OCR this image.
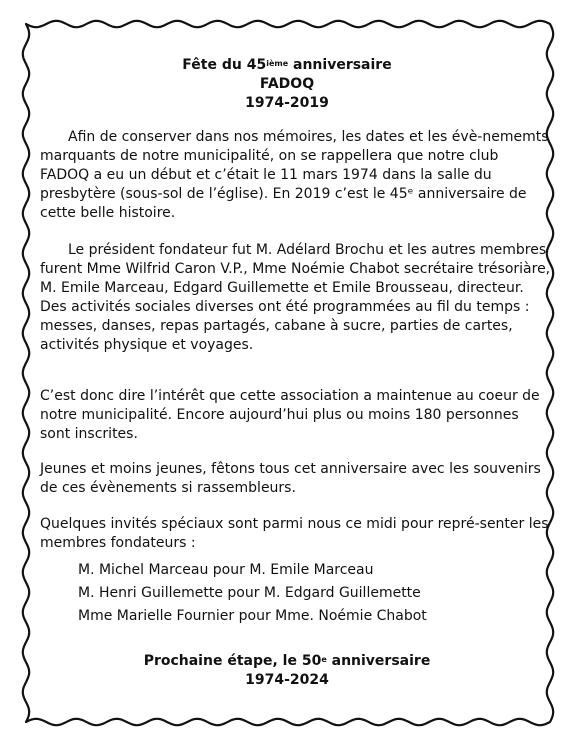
Fête du 45ième anniversaire
FADOQ
1974-2019

Afin de conserver dans nos mémoires, les dates et les évè-nememts marquants de notre municipalité, on se rappellera que notre club FADOQ a eu un début et c’était le 11 mars 1974 dans la salle du presbytère (sous-sol de l’église). En 2019 c’est le 45ᵉ anniversaire de cette belle histoire.

Le président fondateur fut M. Adélard Brochu et les autres membres furent Mme Wilfrid Caron V.P., Mme Noémie Chabot secrétaire trésoriàre, M. Emile Marceau, Edgard Guillemette et Emile Brousseau, directeur. Des activités sociales diverses ont été programmées au fil du temps : messes, danses, repas partagés, cabane à sucre, parties de cartes, activités physique et voyages.

C’est donc dire l’intérêt que cette association a maintenue au coeur de notre municipalité. Encore aujourd’hui plus ou moins 180 personnes sont inscrites.

Jeunes et moins jeunes, fêtons tous cet anniversaire avec les souvenirs de ces évènements si rassembleurs.

Quelques invités spéciaux sont parmi nous ce midi pour repré-senter les membres fondateurs :

M. Michel Marceau pour M. Emile Marceau

M. Henri Guillemette pour M. Edgard Guillemette

Mme Marielle Fournier pour Mme. Noémie Chabot

Prochaine étape, le 50e anniversaire
1974-2024
